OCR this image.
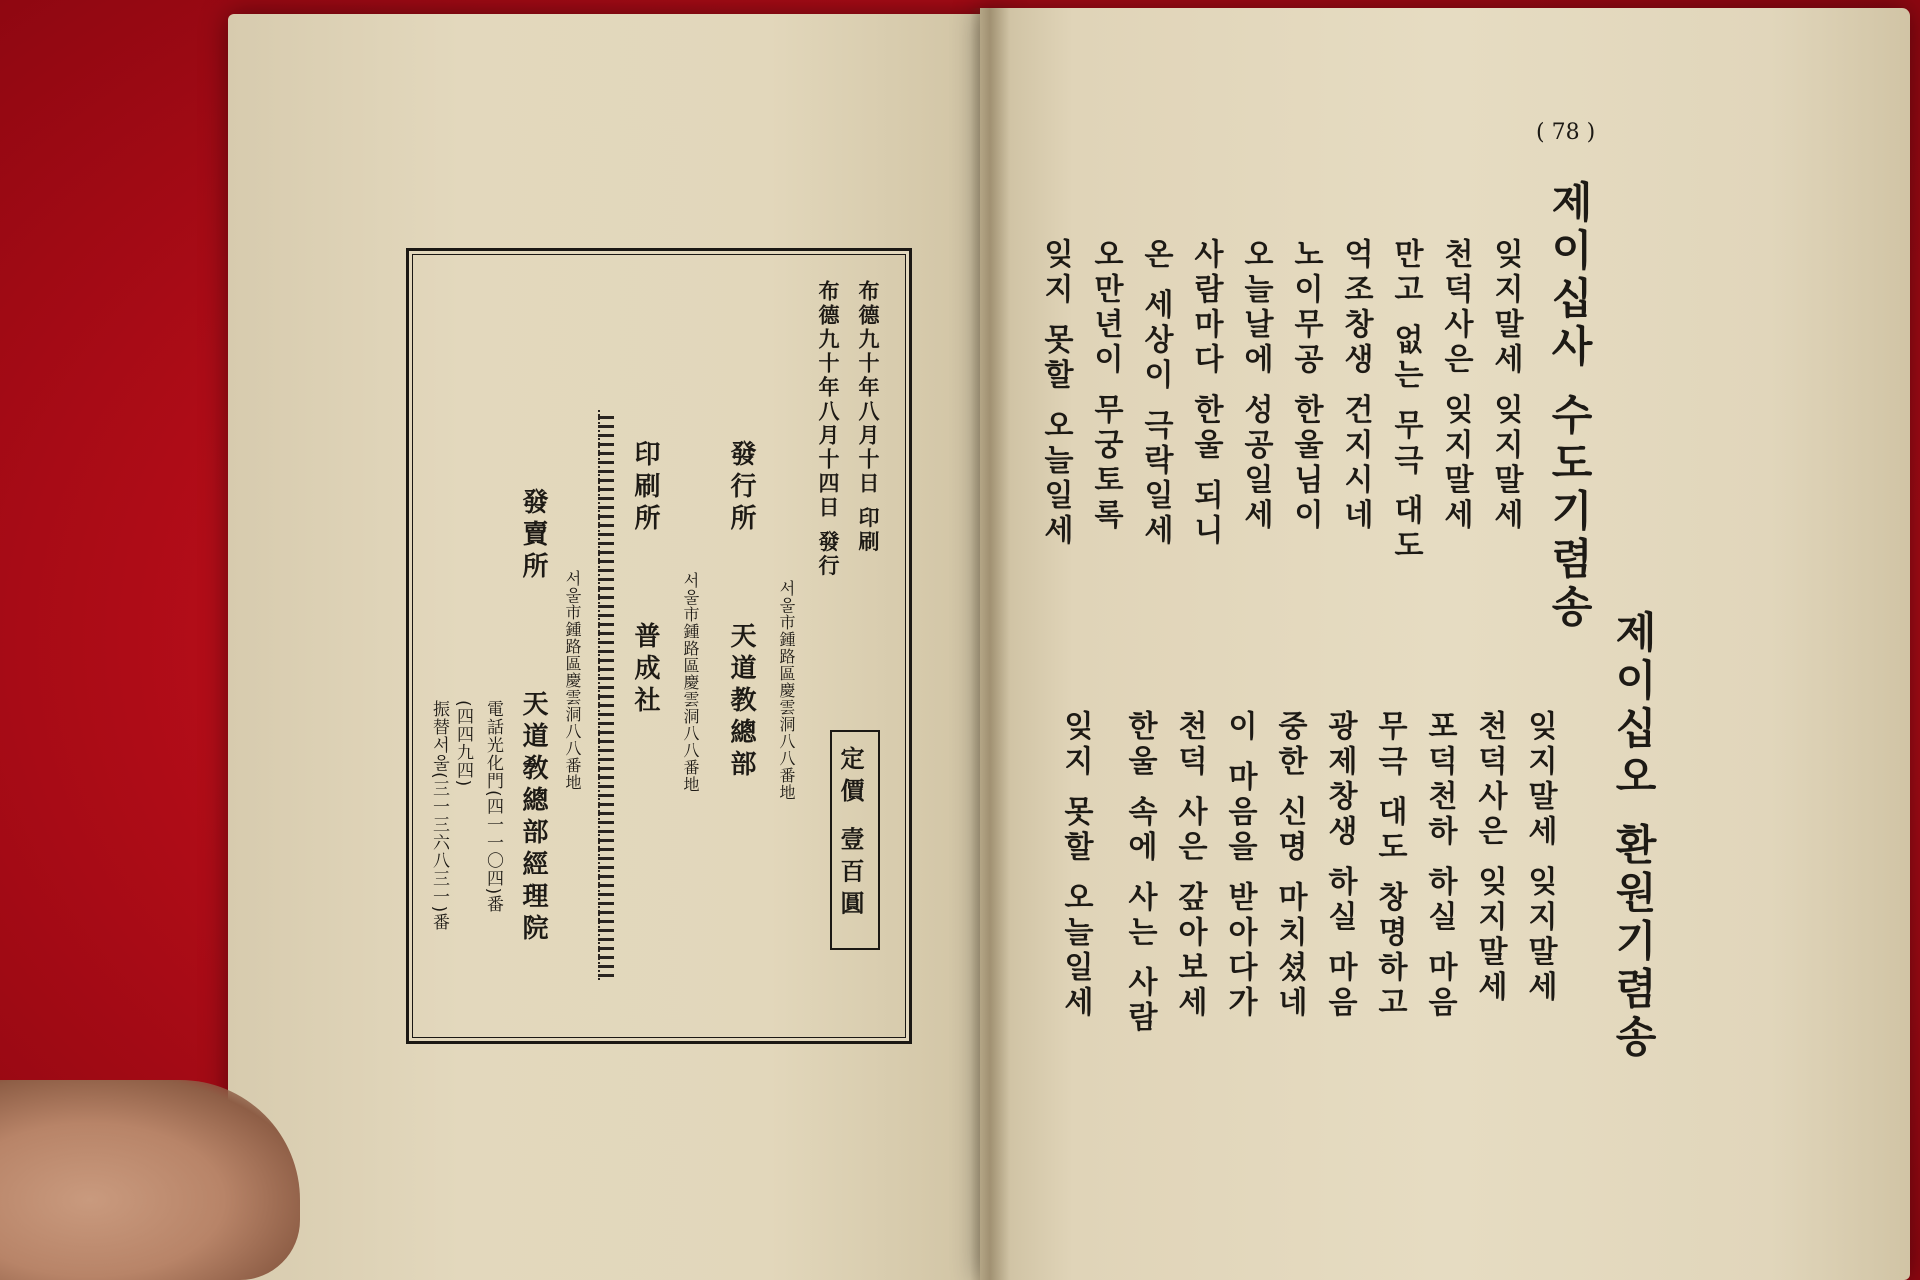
布德九十年八月十日 印刷
布德九十年八月十四日 發行
定價 壹百圓
發行所
天道教總部 서울市鍾路區慶雲洞八八番地
印刷所
普成社 서울市鍾路區慶雲洞八八番地
發賣所
天道敎總部經理院
서울市鍾路區慶雲洞八八番地
電話光化門(四一一〇四)番
(四四九四)
振替서울(三一三六八三一)番
( 78 )
제이십사 수도기렴송
제이십오 환원기렴송
잊지말세 잊지말세
천덕사은 잊지말세
만고 없는 무극 대도
억조창생 건지시네
노이무공 한울님이
오늘날에 성공일세
사람마다 한울 되니
온 세상이 극락일세
오만년이 무궁토록
잊지 못할 오늘일세
잊지말세 잊지말세
천덕사은 잊지말세
포덕천하 하실 마음
무극 대도 창명하고
광제창생 하실 마음
중한 신명 마치셨네
이 마음을 받아다가
천덕 사은 갚아보세
한울 속에 사는 사람
잊지 못할 오늘일세
